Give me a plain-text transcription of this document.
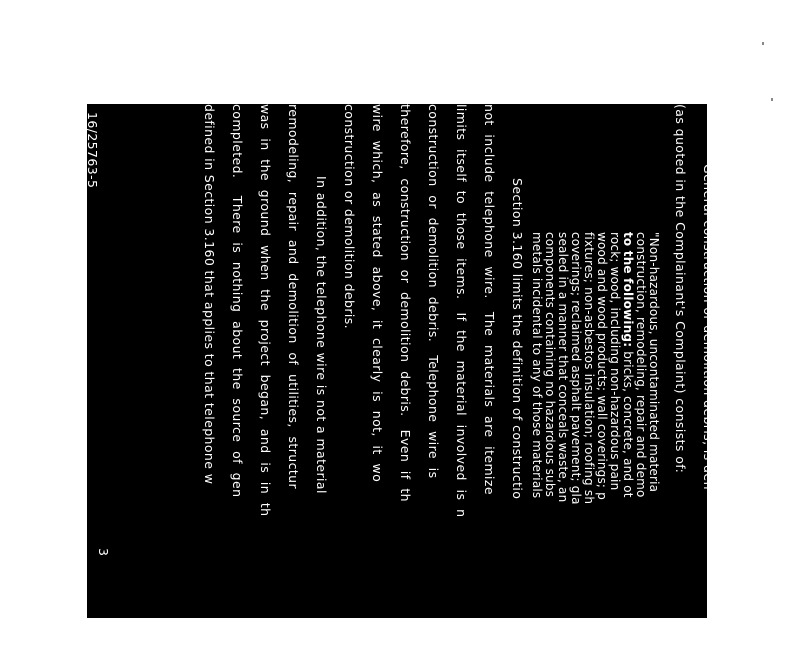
III.  THE MATERIAL INVOLVED V
The  Complainant  also  asserts  that  the  telepho
debris," and asserts that there is a violation of Section 21
General construction or demolition debris, is defi
(as quoted in the Complainant's Complaint) consists of:
"Non-hazardous, uncontaminated materia
construction, remodeling, repair and demo
to the following: bricks, concrete, and ot
rock; wood, including non-hazardous pain
wood and wood products; wall coverings; p
fixtures; non-asbestos insulation; roofing sh
coverings; reclaimed asphalt pavement; gla
sealed in a manner that conceals waste, an
components containing no hazardous subs
metals incidental to any of those materials
Section 3.160 limits the definition of constructio
not  include  telephone  wire.   The  materials  are  itemize
limits  itself  to  those  items.   If  the  material  involved  is  n
construction  or  demolition  debris.   Telephone  wire  is
therefore,  construction  or  demolition  debris.   Even  if  th
wire  which,  as  stated  above,  it  clearly  is  not,  it  wo
construction or demolition debris.
In addition, the telephone wire is not a material
remodeling,  repair  and  demolition  of  utilities,  structur
was  in  the  ground  when  the  project  began,  and  is  in  th
completed.    There  is  nothing  about  the  source  of  gen
defined in Section 3.160 that applies to that telephone w
16/25763-5
3
